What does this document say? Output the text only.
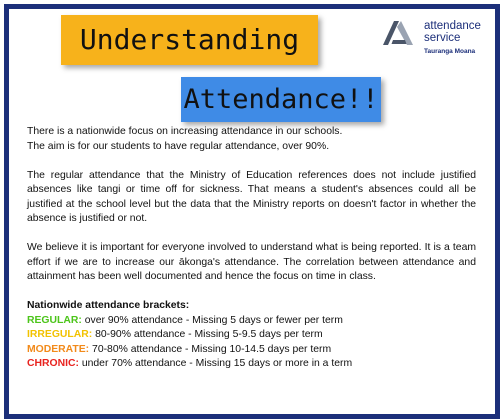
Understanding
Attendance!!
attendance
service
Tauranga Moana

There is a nationwide focus on increasing attendance in our schools.
The aim is for our students to have regular attendance, over 90%.

The regular attendance that the Ministry of Education references does not include justified absences like tangi or time off for sickness. That means a student's absences could all be justified at the school level but the data that the Ministry reports on doesn't factor in whether the absence is justified or not.

We believe it is important for everyone involved to understand what is being reported. It is a team effort if we are to increase our ākonga's attendance. The correlation between attendance and attainment has been well documented and hence the focus on time in class.

Nationwide attendance brackets:
REGULAR: over 90% attendance - Missing 5 days or fewer per term
IRREGULAR: 80-90% attendance - Missing 5-9.5 days per term
MODERATE: 70-80% attendance - Missing 10-14.5 days per term
CHRONIC: under 70% attendance - Missing 15 days or more in a term
